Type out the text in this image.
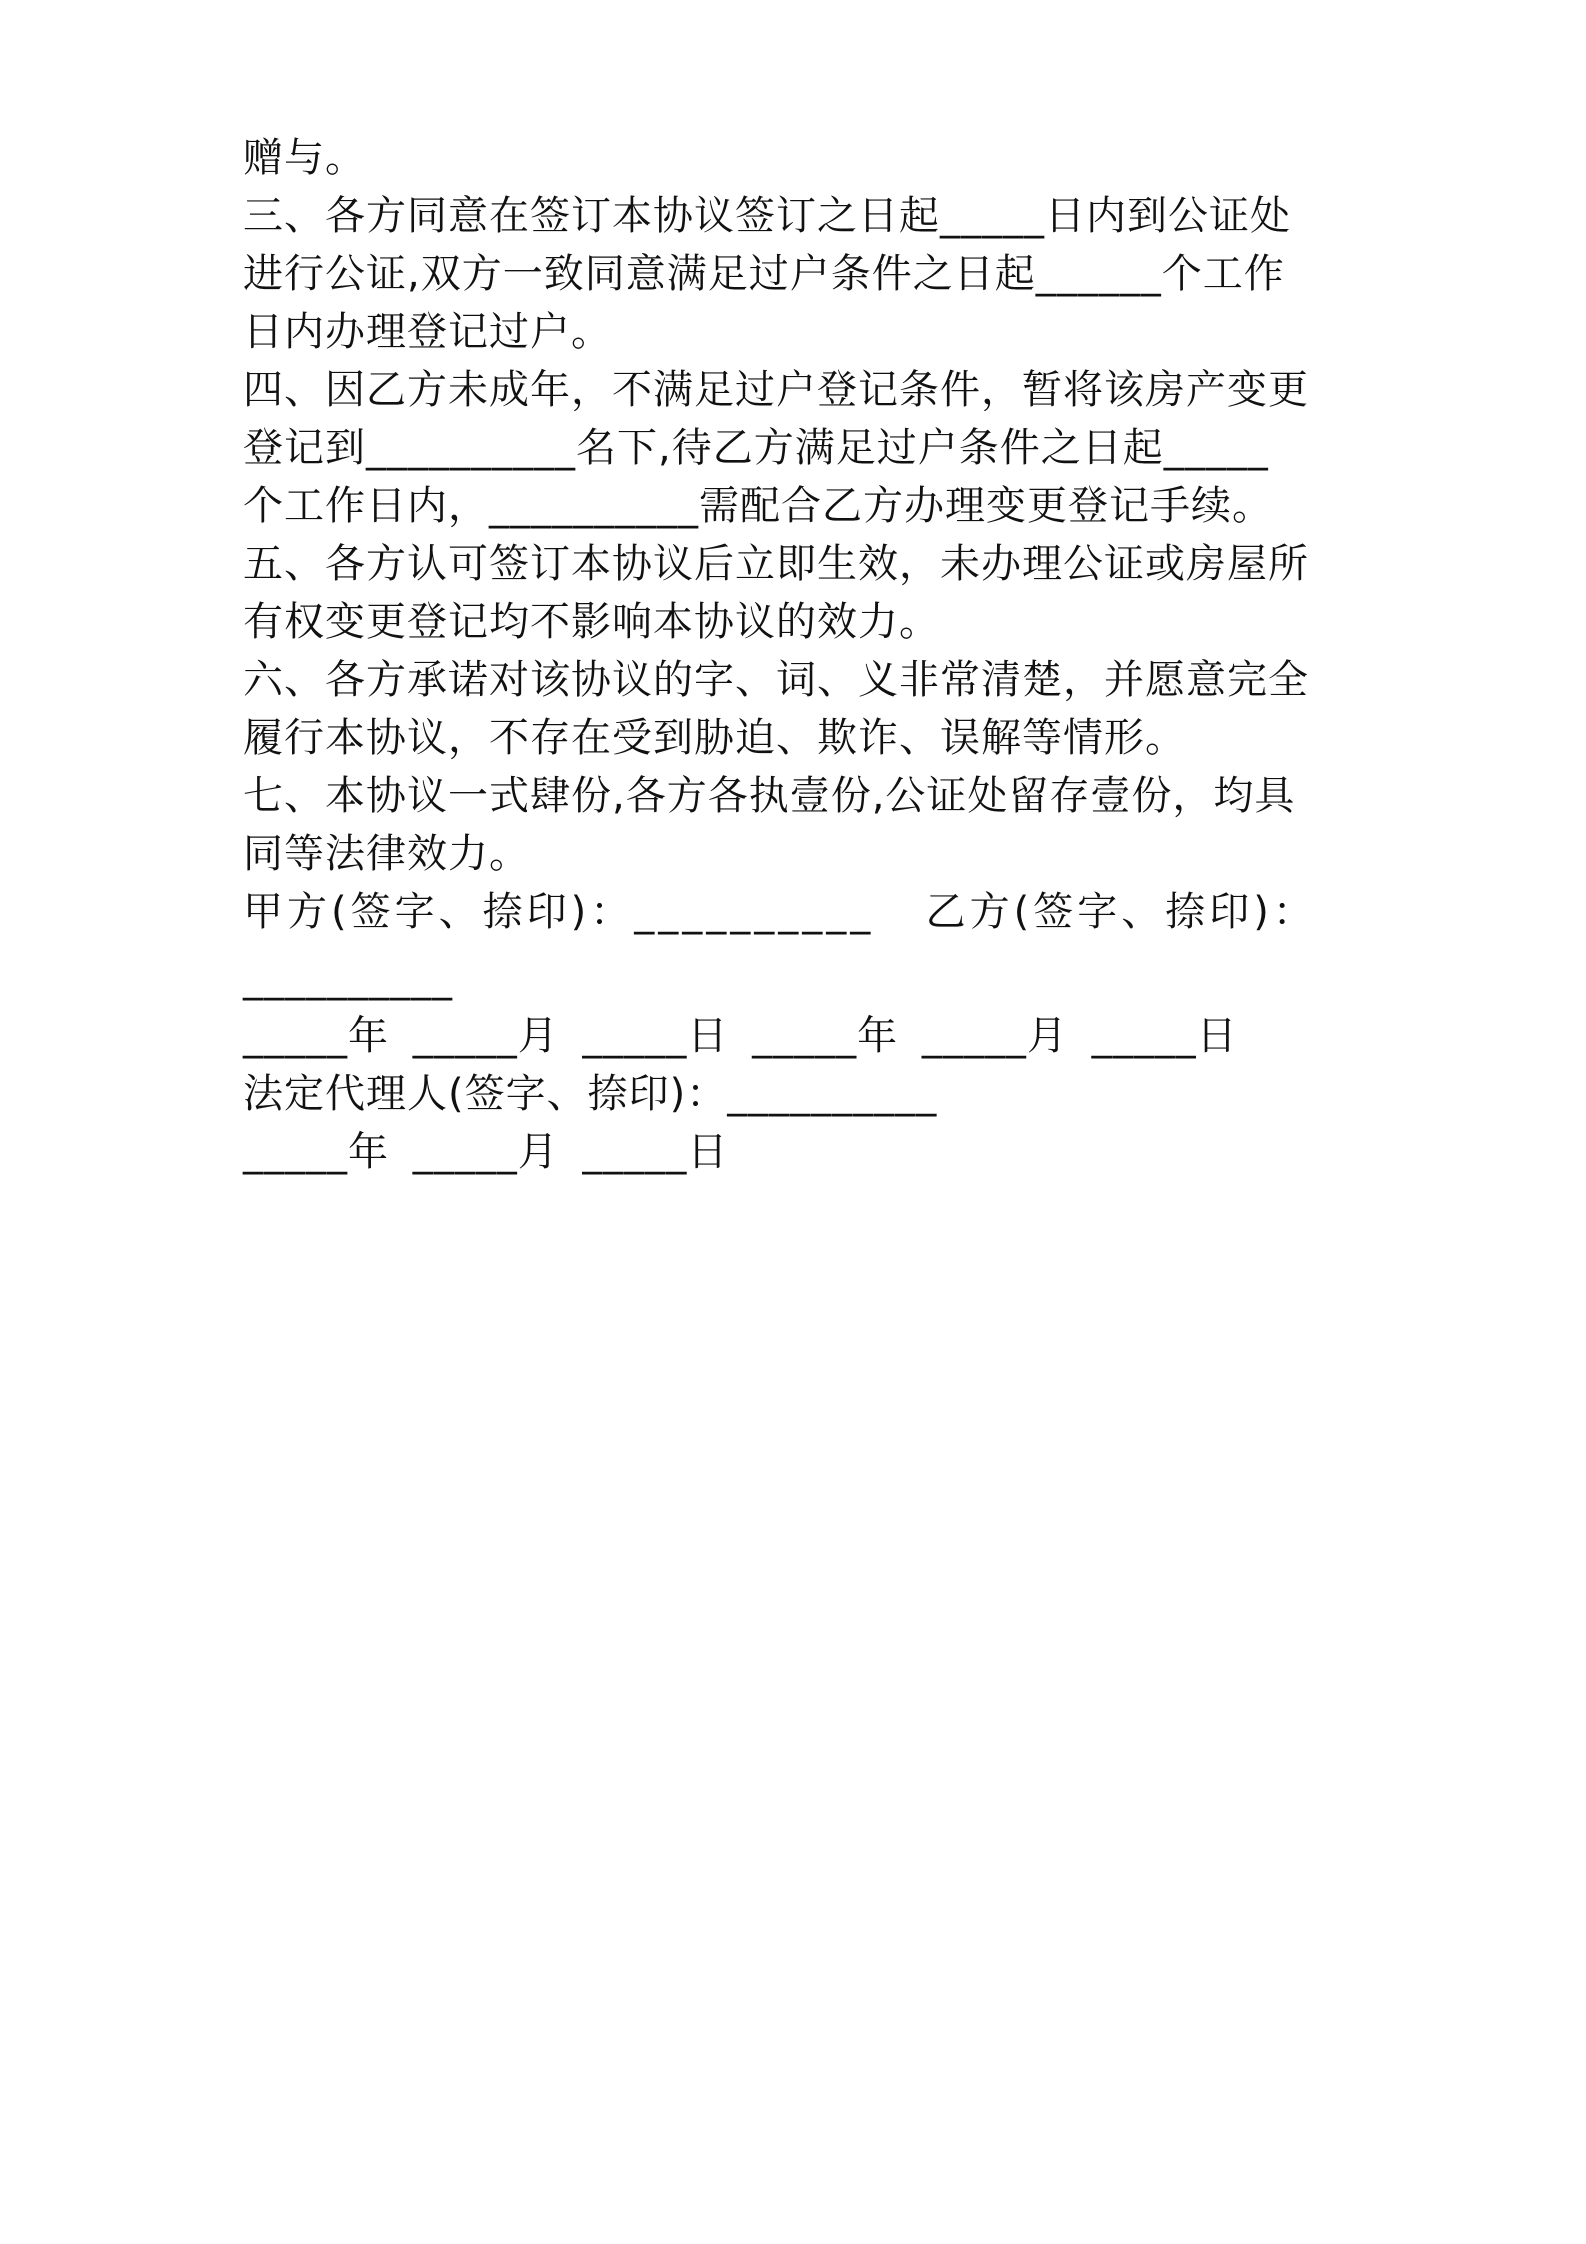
赠与。
三、各方同意在签订本协议签订之日起_____日内到公证处
进行公证,双方一致同意满足过户条件之日起______个工作
日内办理登记过户。
四、因乙方未成年，不满足过户登记条件，暂将该房产变更
登记到__________名下,待乙方满足过户条件之日起_____
个工作日内，__________需配合乙方办理变更登记手续。
五、各方认可签订本协议后立即生效，未办理公证或房屋所
有权变更登记均不影响本协议的效力。
六、各方承诺对该协议的字、词、义非常清楚，并愿意完全
履行本协议，不存在受到胁迫、欺诈、误解等情形。
七、本协议一式肆份,各方各执壹份,公证处留存壹份，均具
同等法律效力。
甲方(签字、捺印)：__________ 乙方(签字、捺印)：
__________
_____年 _____月 _____日 _____年 _____月 _____日
法定代理人(签字、捺印)：__________
_____年 _____月 _____日
